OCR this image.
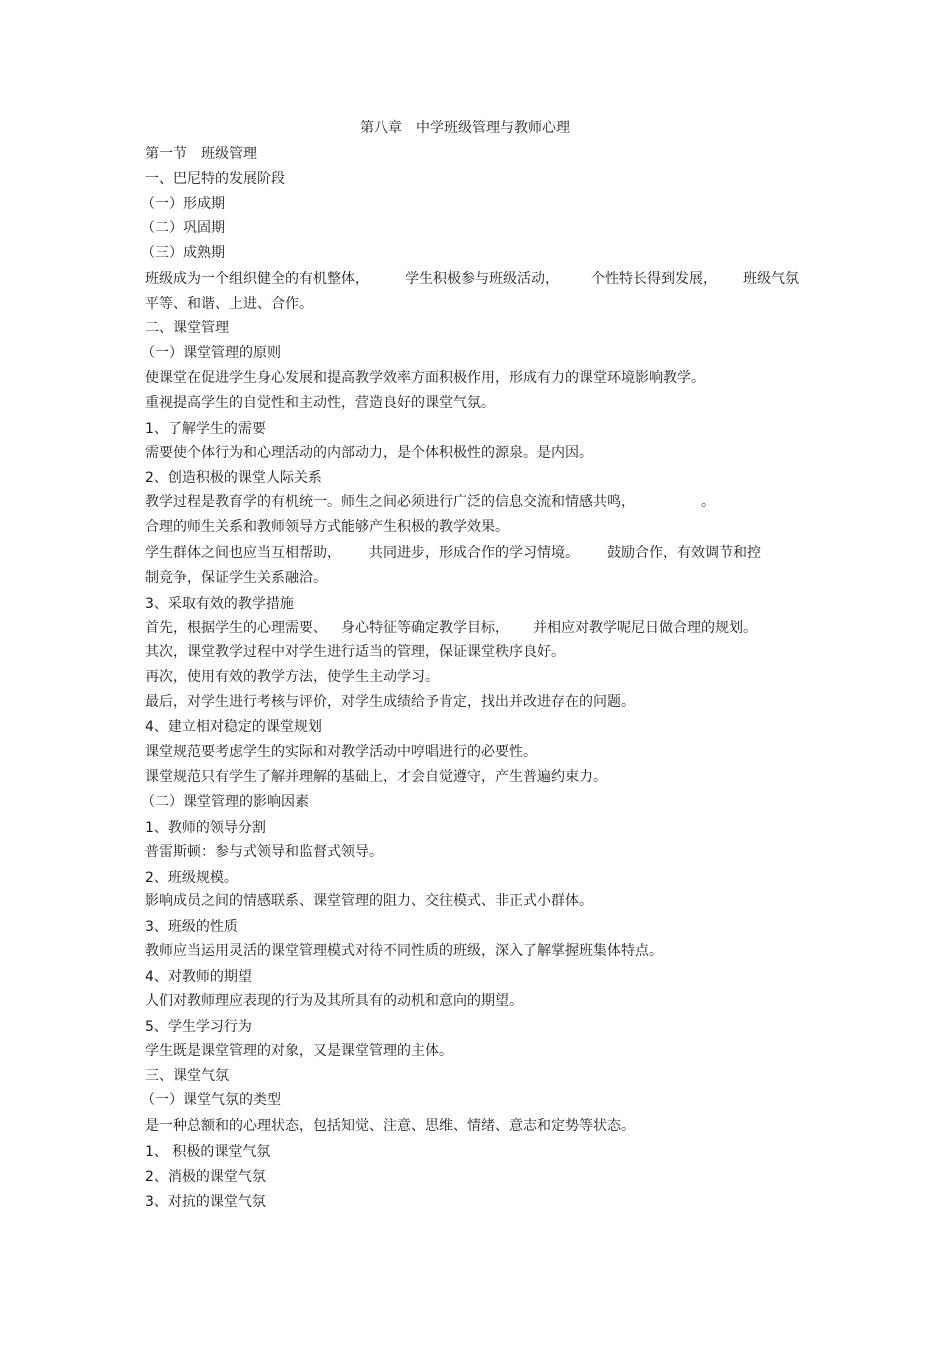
第八章　中学班级管理与教师心理
第一节　班级管理
一、巴尼特的发展阶段
（一）形成期
（二）巩固期
（三）成熟期
班级成为一个组织健全的有机整体，	学生积极参与班级活动， 个性特长得到发展， 班级气氛
平等、和谐、上进、合作。
二、课堂管理
（一）课堂管理的原则
使课堂在促进学生身心发展和提高教学效率方面积极作用，形成有力的课堂环境影响教学。
重视提高学生的自觉性和主动性，营造良好的课堂气氛。
1、了解学生的需要
需要使个体行为和心理活动的内部动力，是个体积极性的源泉。是内因。
2、创造积极的课堂人际关系
教学过程是教育学的有机统一。师生之间必须进行广泛的信息交流和情感共鸣，	。
合理的师生关系和教师领导方式能够产生积极的教学效果。
学生群体之间也应当互相帮助， 共同进步，形成合作的学习情境。 鼓励合作，有效调节和控
制竞争，保证学生关系融洽。
3、采取有效的教学措施
首先，根据学生的心理需要、 身心特征等确定教学目标， 并相应对教学呢尼日做合理的规划。
其次，课堂教学过程中对学生进行适当的管理，保证课堂秩序良好。
再次，使用有效的教学方法，使学生主动学习。
最后，对学生进行考核与评价，对学生成绩给予肯定，找出并改进存在的问题。
4、建立相对稳定的课堂规划
课堂规范要考虑学生的实际和对教学活动中哼唱进行的必要性。
课堂规范只有学生了解并理解的基础上，才会自觉遵守，产生普遍约束力。
（二）课堂管理的影响因素
1、教师的领导分割
普雷斯顿：参与式领导和监督式领导。
2、班级规模。
影响成员之间的情感联系、课堂管理的阻力、交往模式、非正式小群体。
3、班级的性质
教师应当运用灵活的课堂管理模式对待不同性质的班级，深入了解掌握班集体特点。
4、对教师的期望
人们对教师理应表现的行为及其所具有的动机和意向的期望。
5、学生学习行为
学生既是课堂管理的对象，又是课堂管理的主体。
三、课堂气氛
（一）课堂气氛的类型
是一种总额和的心理状态，包括知觉、注意、思维、情绪、意志和定势等状态。
1、 积极的课堂气氛
2、消极的课堂气氛
3、对抗的课堂气氛
